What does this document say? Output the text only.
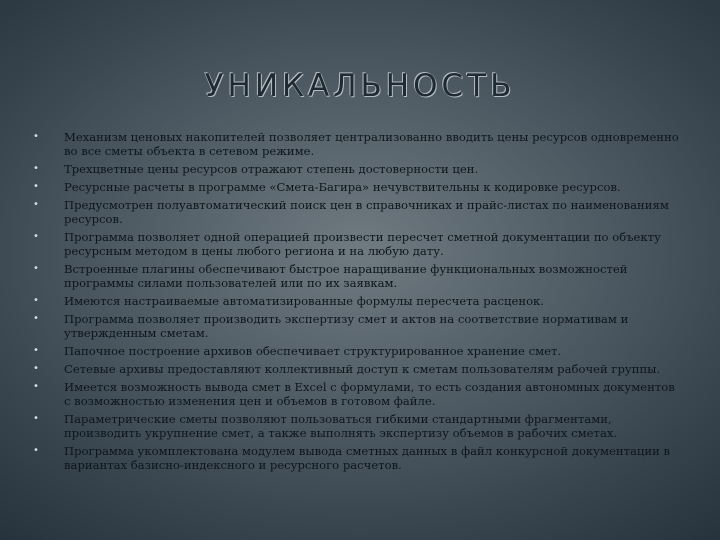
УНИКАЛЬНОСТЬ
•	Механизм ценовых накопителей позволяет централизованно вводить цены ресурсов одновременно во все сметы объекта в сетевом режиме.
•	Трехцветные цены ресурсов отражают степень достоверности цен.
•	Ресурсные расчеты в программе «Смета-Багира» нечувствительны к кодировке ресурсов.
•	Предусмотрен полуавтоматический поиск цен в справочниках и прайс-листах по наименованиям ресурсов.
•	Программа позволяет одной операцией произвести пересчет сметной документации по объекту ресурсным методом в цены любого региона и на любую дату.
•	Встроенные плагины обеспечивают быстрое наращивание функциональных возможностей программы силами пользователей или по их заявкам.
•	Имеются настраиваемые автоматизированные формулы пересчета расценок.
•	Программа позволяет производить экспертизу смет и актов на соответствие нормативам и утвержденным сметам.
•	Папочное построение архивов обеспечивает структурированное хранение смет.
•	Сетевые архивы предоставляют коллективный доступ к сметам пользователям рабочей группы.
•	Имеется возможность вывода смет в Excel с формулами, то есть создания автономных документов с возможностью изменения цен и объемов в готовом файле.
•	Параметрические сметы позволяют пользоваться гибкими стандартными фрагментами, производить укрупнение смет, а также выполнять экспертизу объемов в рабочих сметах.
•	Программа укомплектована модулем вывода сметных данных в файл конкурсной документации в вариантах базисно-индексного и ресурсного расчетов.
